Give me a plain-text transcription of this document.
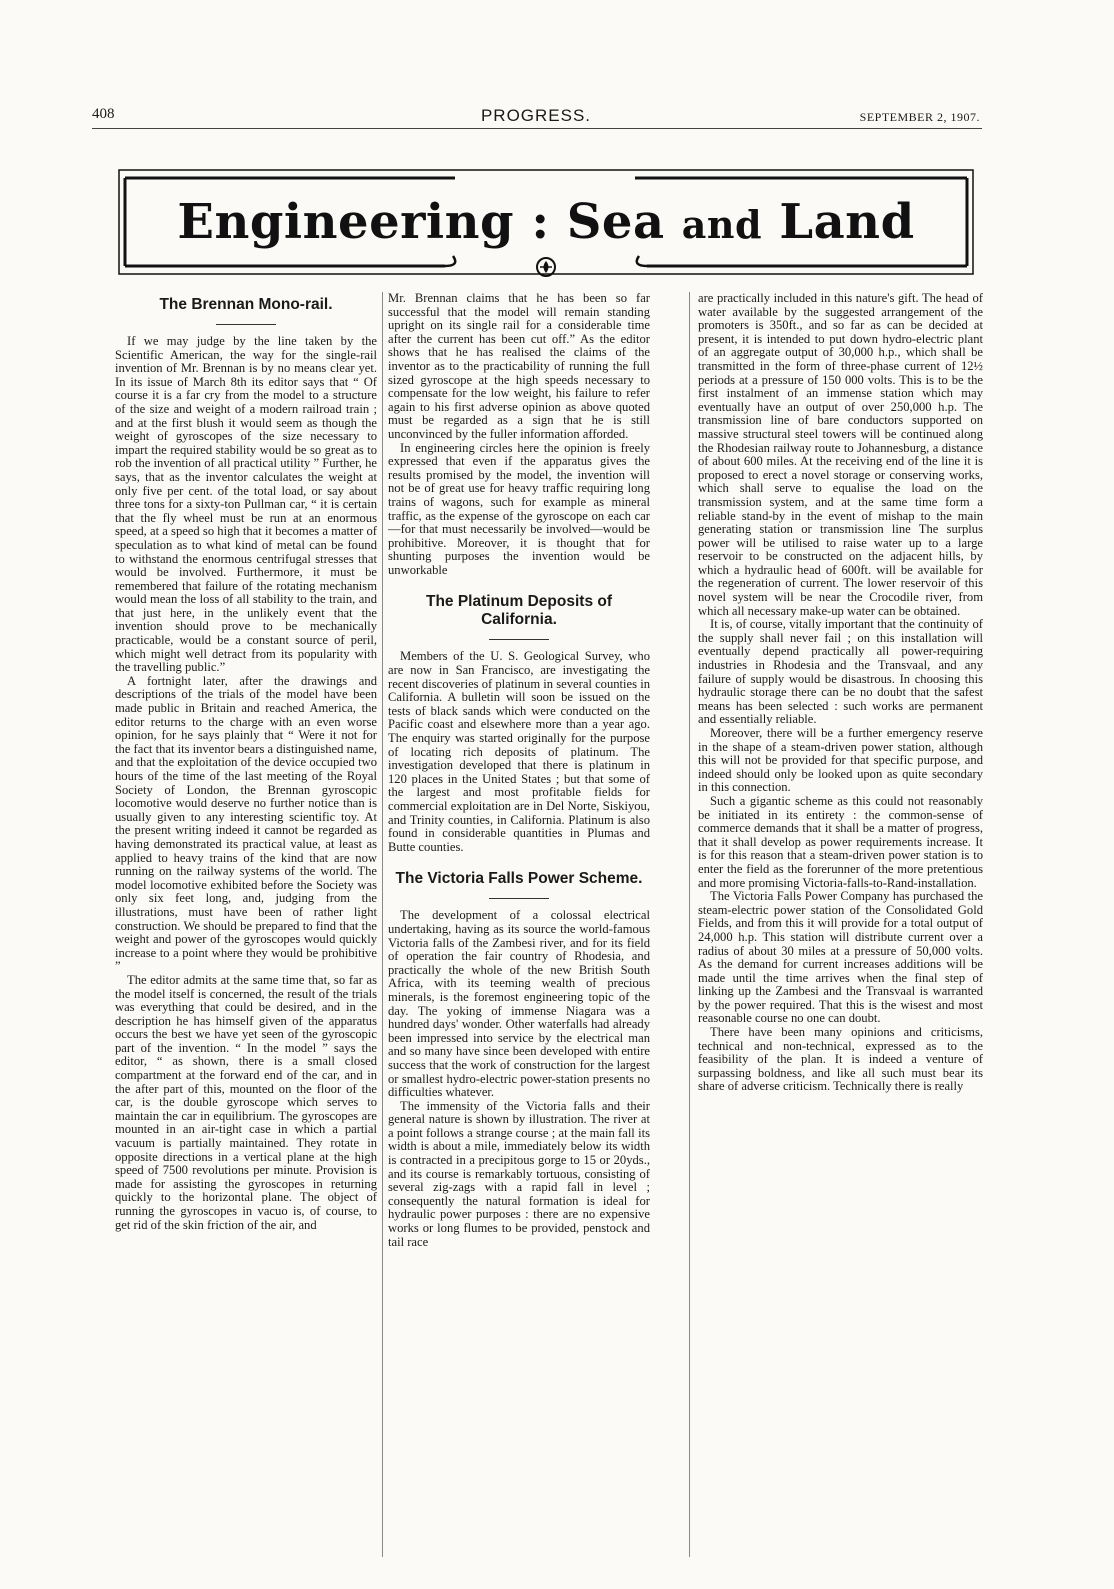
408	PROGRESS.	SEPTEMBER 2, 1907.
Engineering : Sea and Land
The Brennan Mono-rail.

If we may judge by the line taken by the Scientific American, the way for the single-rail invention of Mr. Brennan is by no means clear yet. In its issue of March 8th its editor says that “ Of course it is a far cry from the model to a structure of the size and weight of a modern railroad train ; and at the first blush it would seem as though the weight of gyroscopes of the size necessary to impart the required stability would be so great as to rob the invention of all practical utility ” Further, he says, that as the inventor calculates the weight at only five per cent. of the total load, or say about three tons for a sixty-ton Pullman car, “ it is certain that the fly wheel must be run at an enormous speed, at a speed so high that it becomes a matter of speculation as to what kind of metal can be found to withstand the enormous centrifugal stresses that would be involved. Furthermore, it must be remembered that failure of the rotating mechanism would mean the loss of all stability to the train, and that just here, in the unlikely event that the invention should prove to be mechanically practicable, would be a constant source of peril, which might well detract from its popularity with the travelling public.”

A fortnight later, after the drawings and descriptions of the trials of the model have been made public in Britain and reached America, the editor returns to the charge with an even worse opinion, for he says plainly that “ Were it not for the fact that its inventor bears a distinguished name, and that the exploitation of the device occupied two hours of the time of the last meeting of the Royal Society of London, the Brennan gyroscopic locomotive would deserve no further notice than is usually given to any interesting scientific toy. At the present writing indeed it cannot be regarded as having demonstrated its practical value, at least as applied to heavy trains of the kind that are now running on the railway systems of the world. The model locomotive exhibited before the Society was only six feet long, and, judging from the illustrations, must have been of rather light construction. We should be prepared to find that the weight and power of the gyroscopes would quickly increase to a point where they would be prohibitive ”

The editor admits at the same time that, so far as the model itself is concerned, the result of the trials was everything that could be desired, and in the description he has himself given of the apparatus occurs the best we have yet seen of the gyroscopic part of the invention. “ In the model ” says the editor, “ as shown, there is a small closed compartment at the forward end of the car, and in the after part of this, mounted on the floor of the car, is the double gyroscope which serves to maintain the car in equilibrium. The gyroscopes are mounted in an air-tight case in which a partial vacuum is partially maintained. They rotate in opposite directions in a vertical plane at the high speed of 7500 revolutions per minute. Provision is made for assisting the gyroscopes in returning quickly to the horizontal plane. The object of running the gyroscopes in vacuo is, of course, to get rid of the skin friction of the air, and

Mr. Brennan claims that he has been so far successful that the model will remain standing upright on its single rail for a considerable time after the current has been cut off.” As the editor shows that he has realised the claims of the inventor as to the practicability of running the full sized gyroscope at the high speeds necessary to compensate for the low weight, his failure to refer again to his first adverse opinion as above quoted must be regarded as a sign that he is still unconvinced by the fuller information afforded.

In engineering circles here the opinion is freely expressed that even if the apparatus gives the results promised by the model, the invention will not be of great use for heavy traffic requiring long trains of wagons, such for example as mineral traffic, as the expense of the gyroscope on each car—for that must necessarily be involved—would be prohibitive. Moreover, it is thought that for shunting purposes the invention would be unworkable

The Platinum Deposits of California.

Members of the U. S. Geological Survey, who are now in San Francisco, are investigating the recent discoveries of platinum in several counties in California. A bulletin will soon be issued on the tests of black sands which were conducted on the Pacific coast and elsewhere more than a year ago. The enquiry was started originally for the purpose of locating rich deposits of platinum. The investigation developed that there is platinum in 120 places in the United States ; but that some of the largest and most profitable fields for commercial exploitation are in Del Norte, Siskiyou, and Trinity counties, in California. Platinum is also found in considerable quantities in Plumas and Butte counties.

The Victoria Falls Power Scheme.

The development of a colossal electrical undertaking, having as its source the world-famous Victoria falls of the Zambesi river, and for its field of operation the fair country of Rhodesia, and practically the whole of the new British South Africa, with its teeming wealth of precious minerals, is the foremost engineering topic of the day. The yoking of immense Niagara was a hundred days' wonder. Other waterfalls had already been impressed into service by the electrical man and so many have since been developed with entire success that the work of construction for the largest or smallest hydro-electric power-station presents no difficulties whatever.

The immensity of the Victoria falls and their general nature is shown by illustration. The river at a point follows a strange course ; at the main fall its width is about a mile, immediately below its width is contracted in a precipitous gorge to 15 or 20yds., and its course is remarkably tortuous, consisting of several zig-zags with a rapid fall in level ; consequently the natural formation is ideal for hydraulic power purposes : there are no expensive works or long flumes to be provided, penstock and tail race

are practically included in this nature's gift. The head of water available by the suggested arrangement of the promoters is 350ft., and so far as can be decided at present, it is intended to put down hydro-electric plant of an aggregate output of 30,000 h.p., which shall be transmitted in the form of three-phase current of 12½ periods at a pressure of 150 000 volts. This is to be the first instalment of an immense station which may eventually have an output of over 250,000 h.p. The transmission line of bare conductors supported on massive structural steel towers will be continued along the Rhodesian railway route to Johannesburg, a distance of about 600 miles. At the receiving end of the line it is proposed to erect a novel storage or conserving works, which shall serve to equalise the load on the transmission system, and at the same time form a reliable stand-by in the event of mishap to the main generating station or transmission line The surplus power will be utilised to raise water up to a large reservoir to be constructed on the adjacent hills, by which a hydraulic head of 600ft. will be available for the regeneration of current. The lower reservoir of this novel system will be near the Crocodile river, from which all necessary make-up water can be obtained.

It is, of course, vitally important that the continuity of the supply shall never fail ; on this installation will eventually depend practically all power-requiring industries in Rhodesia and the Transvaal, and any failure of supply would be disastrous. In choosing this hydraulic storage there can be no doubt that the safest means has been selected : such works are permanent and essentially reliable.

Moreover, there will be a further emergency reserve in the shape of a steam-driven power station, although this will not be provided for that specific purpose, and indeed should only be looked upon as quite secondary in this connection.

Such a gigantic scheme as this could not reasonably be initiated in its entirety : the common-sense of commerce demands that it shall be a matter of progress, that it shall develop as power requirements increase. It is for this reason that a steam-driven power station is to enter the field as the forerunner of the more pretentious and more promising Victoria-falls-to-Rand-installation.

The Victoria Falls Power Company has purchased the steam-electric power station of the Consolidated Gold Fields, and from this it will provide for a total output of 24,000 h.p. This station will distribute current over a radius of about 30 miles at a pressure of 50,000 volts. As the demand for current increases additions will be made until the time arrives when the final step of linking up the Zambesi and the Transvaal is warranted by the power required. That this is the wisest and most reasonable course no one can doubt.

There have been many opinions and criticisms, technical and non-technical, expressed as to the feasibility of the plan. It is indeed a venture of surpassing boldness, and like all such must bear its share of adverse criticism. Technically there is really
